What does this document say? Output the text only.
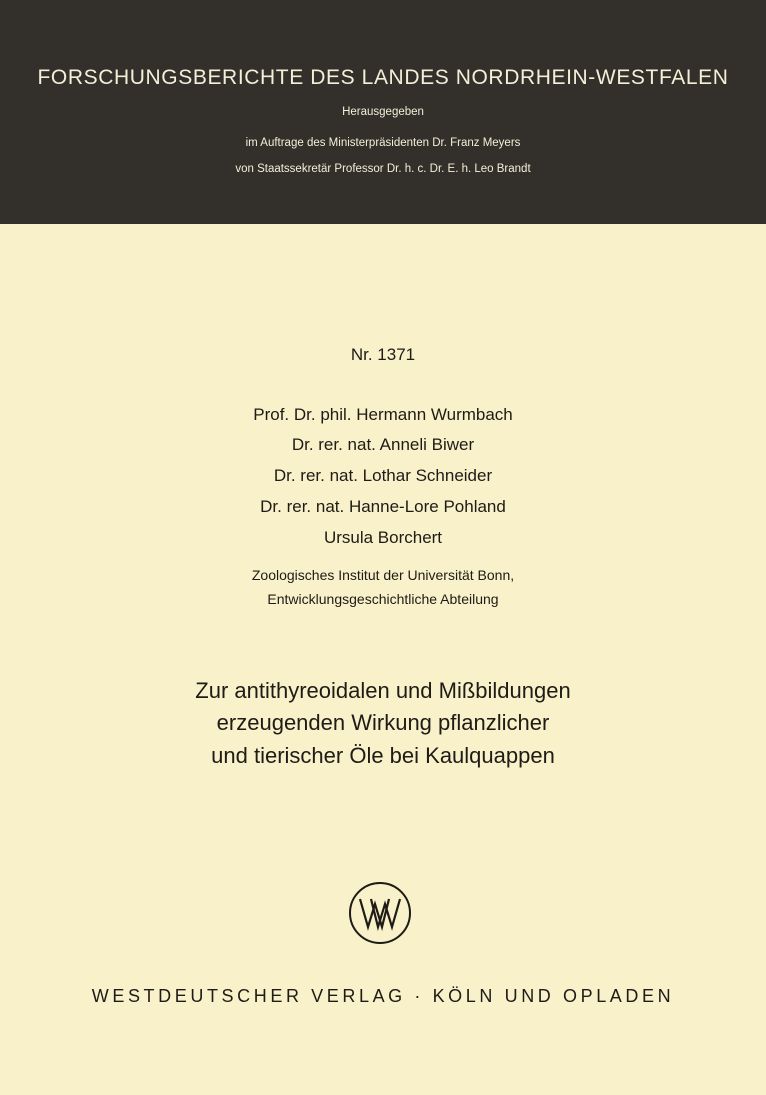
FORSCHUNGSBERICHTE DES LANDES NORDRHEIN-WESTFALEN
Herausgegeben
im Auftrage des Ministerpräsidenten Dr. Franz Meyers
von Staatssekretär Professor Dr. h. c. Dr. E. h. Leo Brandt
Nr. 1371
Prof. Dr. phil. Hermann Wurmbach
Dr. rer. nat. Anneli Biwer
Dr. rer. nat. Lothar Schneider
Dr. rer. nat. Hanne-Lore Pohland
Ursula Borchert
Zoologisches Institut der Universität Bonn,
Entwicklungsgeschichtliche Abteilung
Zur antithyreoidalen und Mißbildungen
erzeugenden Wirkung pflanzlicher
und tierischer Öle bei Kaulquappen
WESTDEUTSCHER VERLAG · KÖLN UND OPLADEN
